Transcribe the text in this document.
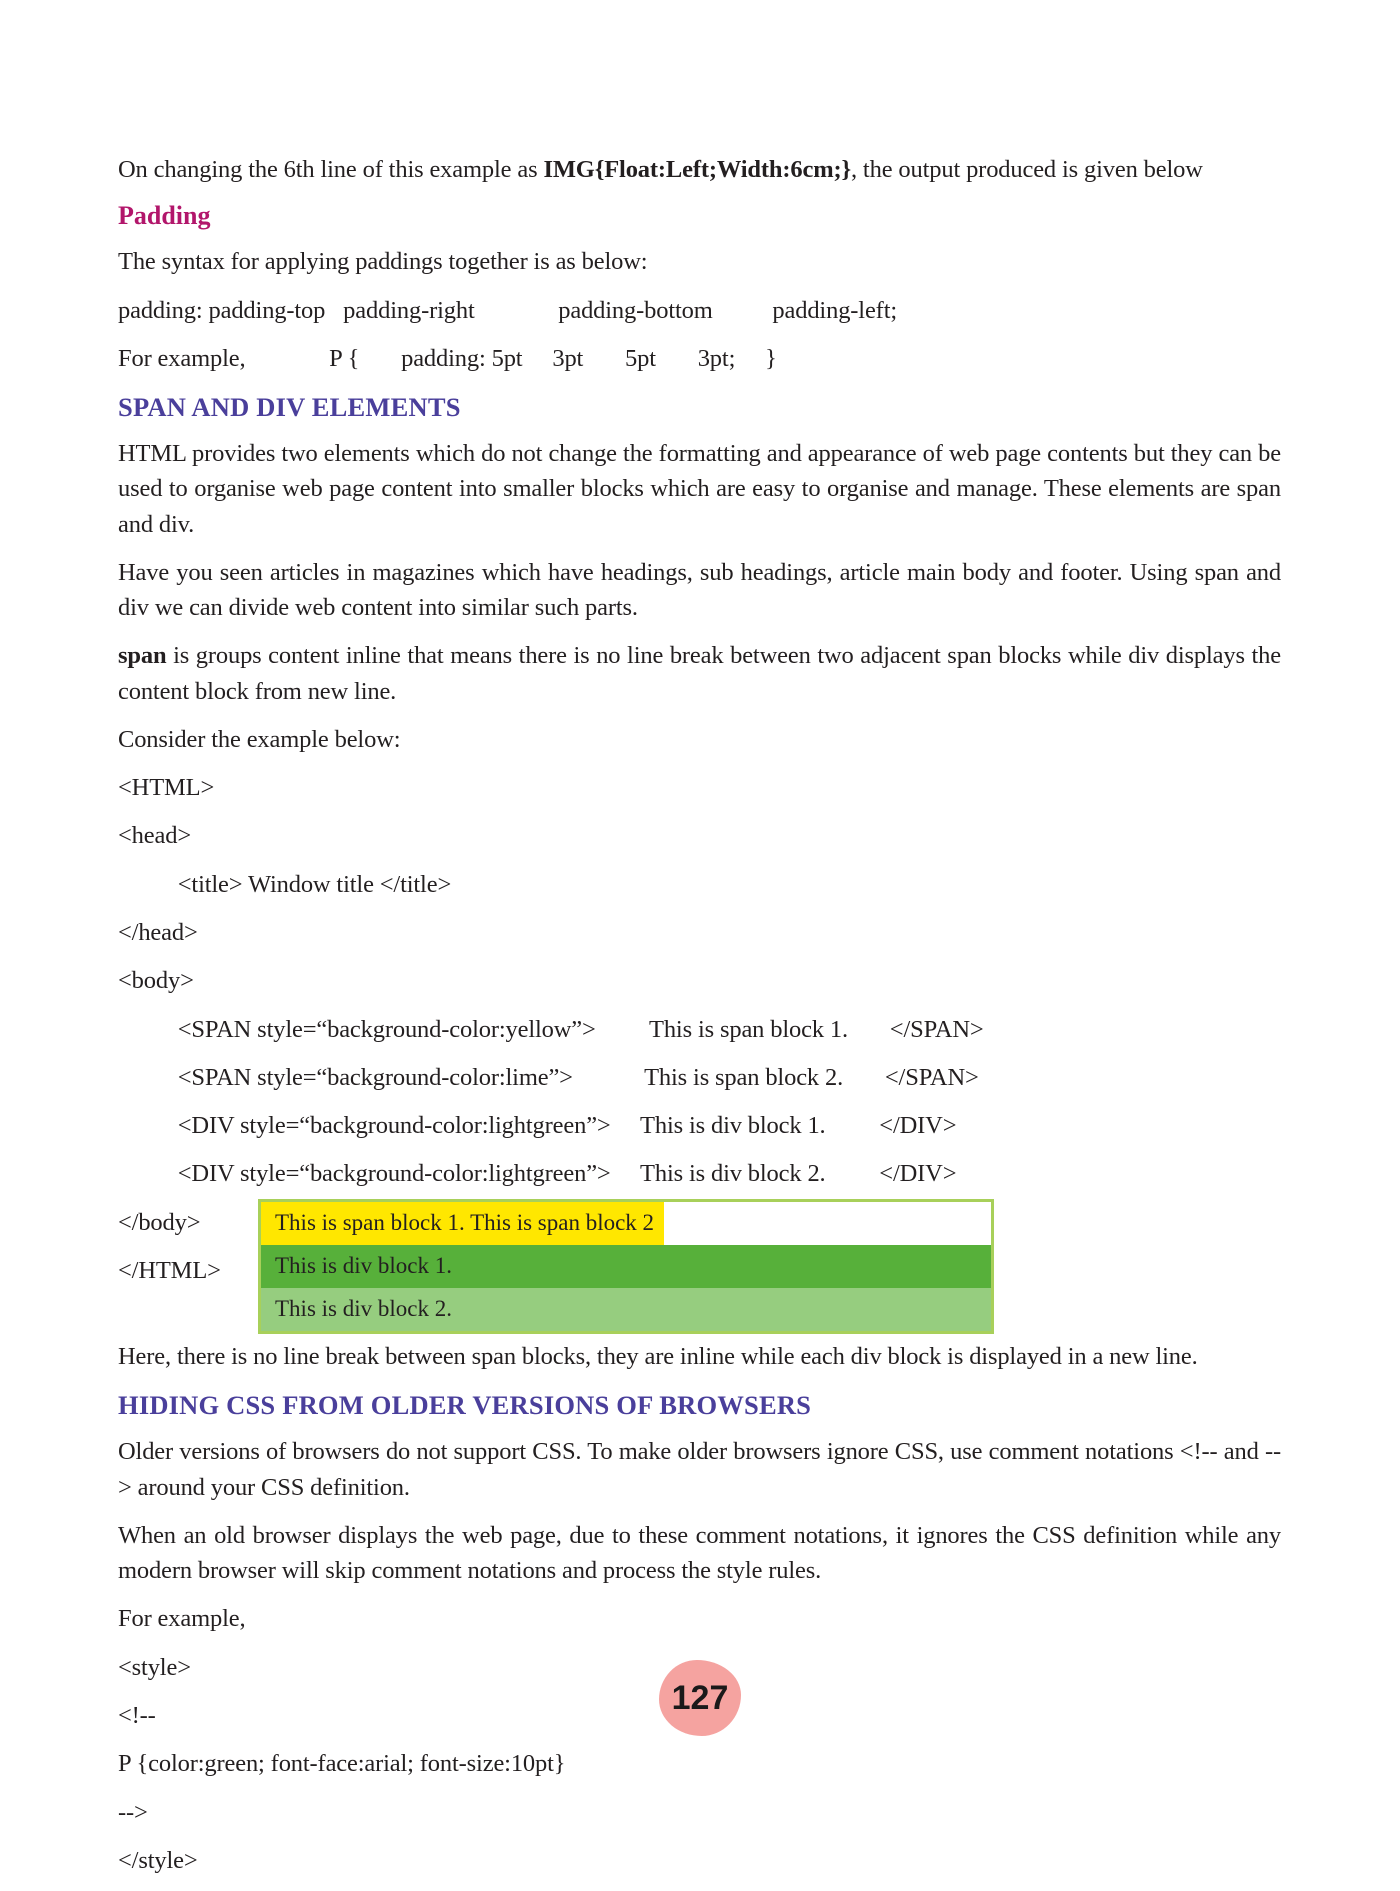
On changing the 6th line of this example as IMG{Float:Left;Width:6cm;}, the output produced is given below

Padding

The syntax for applying paddings together is as below:

padding: padding-top   padding-right              padding-bottom          padding-left;

For example,              P {       padding: 5pt     3pt       5pt       3pt;     }

SPAN AND DIV ELEMENTS

HTML provides two elements which do not change the formatting and appearance of web page contents but they can be used to organise web page content into smaller blocks which are easy to organise and manage. These elements are span and div.

Have you seen articles in magazines which have headings, sub headings, article main body and footer. Using span and div we can divide web content into similar such parts.

span is groups content inline that means there is no line break between two adjacent span blocks while div displays the content block from new line.

Consider the example below:

<HTML>

<head>

<title> Window title </title>

</head>

<body>

<SPAN style=“background-color:yellow”>         This is span block 1.       </SPAN>

<SPAN style=“background-color:lime”>            This is span block 2.       </SPAN>

<DIV style=“background-color:lightgreen”>     This is div block 1.         </DIV>

<DIV style=“background-color:lightgreen”>     This is div block 2.         </DIV>

</body>

</HTML>

This is span block 1. This is span block 2
This is div block 1.
This is div block 2.

Here, there is no line break between span blocks, they are inline while each div block is displayed in a new line.

HIDING CSS FROM OLDER VERSIONS OF BROWSERS

Older versions of browsers do not support CSS. To make older browsers ignore CSS, use comment notations <!-- and --> around your CSS definition.

When an old browser displays the web page, due to these comment notations, it ignores the CSS definition while any modern browser will skip comment notations and process the style rules.

For example,

<style>

<!--

P {color:green; font-face:arial; font-size:10pt}

-->

</style>

127
